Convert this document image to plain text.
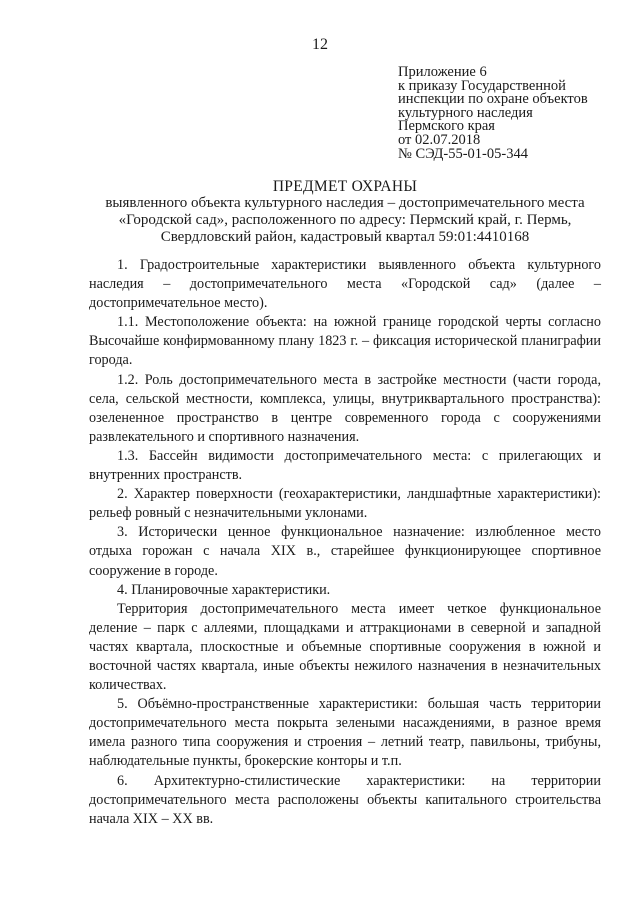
12
Приложение 6
к приказу Государственной
инспекции по охране объектов
культурного наследия
Пермского края
от 02.07.2018
№ СЭД-55-01-05-344
ПРЕДМЕТ ОХРАНЫ
выявленного объекта культурного наследия – достопримечательного места
«Городской сад», расположенного по адресу: Пермский край, г. Пермь,
Свердловский район, кадастровый квартал 59:01:4410168

1. Градостроительные характеристики выявленного объекта культурного наследия – достопримечательного места «Городской сад» (далее – достопримечательное место).

1.1. Местоположение объекта: на южной границе городской черты согласно Высочайше конфирмованному плану 1823 г. – фиксация исторической планиграфии города.

1.2. Роль достопримечательного места в застройке местности (части города, села, сельской местности, комплекса, улицы, внутриквартального пространства): озелененное пространство в центре современного города с сооружениями развлекательного и спортивного назначения.

1.3. Бассейн видимости достопримечательного места: с прилегающих и внутренних пространств.

2. Характер поверхности (геохарактеристики, ландшафтные характеристики): рельеф ровный с незначительными уклонами.

3. Исторически ценное функциональное назначение: излюбленное место отдыха горожан с начала XIX в., старейшее функционирующее спортивное сооружение в городе.

4. Планировочные характеристики.

Территория достопримечательного места имеет четкое функциональное деление – парк с аллеями, площадками и аттракционами в северной и западной частях квартала, плоскостные и объемные спортивные сооружения в южной и восточной частях квартала, иные объекты нежилого назначения в незначительных количествах.

5. Объёмно-пространственные характеристики: большая часть территории достопримечательного места покрыта зелеными насаждениями, в разное время имела разного типа сооружения и строения – летний театр, павильоны, трибуны, наблюдательные пункты, брокерские конторы и т.п.

6. Архитектурно-стилистические характеристики: на территории достопримечательного места расположены объекты капитального строительства начала XIX – XX вв.
